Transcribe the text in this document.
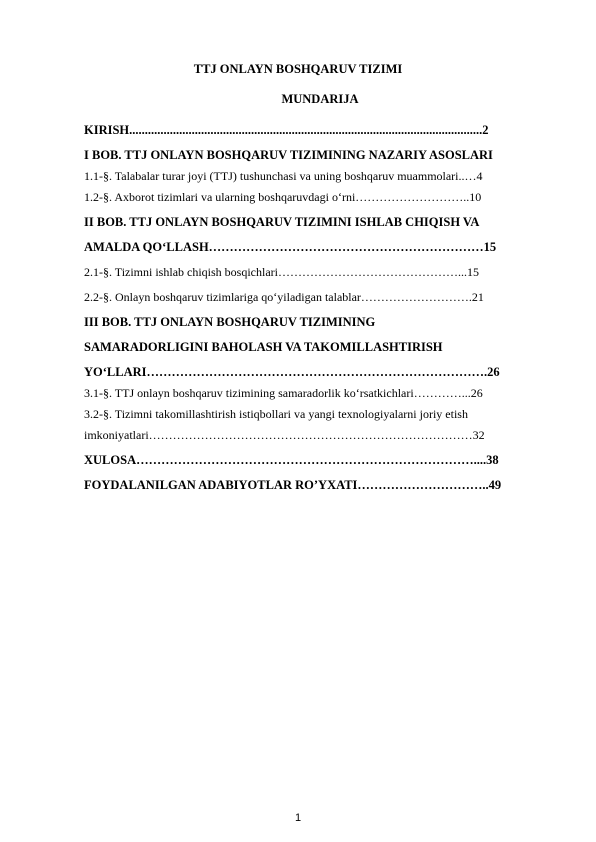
TTJ ONLAYN BOSHQARUV TIZIMI
MUNDARIJA
KIRISH.................................................................................................................2
I BOB. TTJ ONLAYN BOSHQARUV TIZIMINING NAZARIY ASOSLARI
1.1-§. Talabalar turar joyi (TTJ) tushunchasi va uning boshqaruv muammolari..…4
1.2-§. Axborot tizimlari va ularning boshqaruvdagi o‘rni………………………..10
II BOB. TTJ ONLAYN BOSHQARUV TIZIMINI ISHLAB CHIQISH VA
AMALDA QO‘LLASH…………………………………………………………15
2.1-§. Tizimni ishlab chiqish bosqichlari………………………………………...15
2.2-§. Onlayn boshqaruv tizimlariga qo‘yiladigan talablar……………………….21
III BOB. TTJ ONLAYN BOSHQARUV TIZIMINING
SAMARADORLIGINI BAHOLASH VA TAKOMILLASHTIRISH
YO‘LLARI……………………………………………………………………….26
3.1-§. TTJ onlayn boshqaruv tizimining samaradorlik ko‘rsatkichlari…………...26
3.2-§. Tizimni takomillashtirish istiqbollari va yangi texnologiyalarni joriy etish
imkoniyatlari………………………………………………………………………32
XULOSA………………………………………………………………………....38
FOYDALANILGAN ADABIYOTLAR RO’YXATI…………………………..49
1
